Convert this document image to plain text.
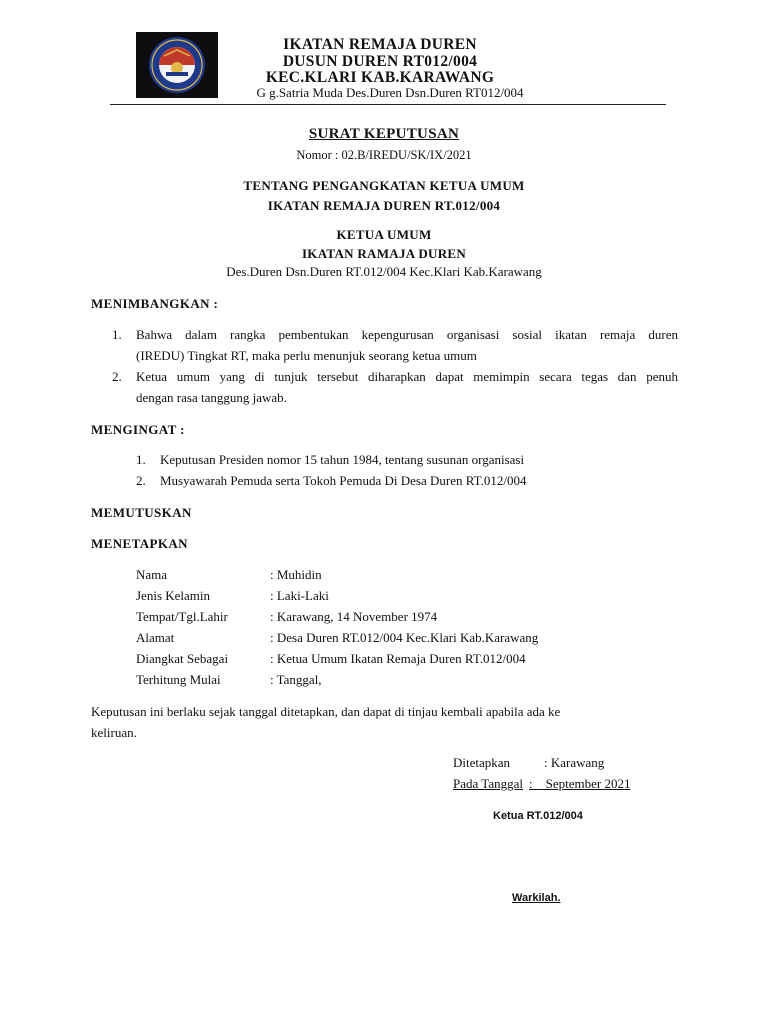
IKATAN REMAJA DUREN
DUSUN DUREN RT012/004
KEC.KLARI KAB.KARAWANG
G g.Satria Muda Des.Duren Dsn.Duren RT012/004
SURAT KEPUTUSAN
Nomor : 02.B/IREDU/SK/IX/2021
TENTANG PENGANGKATAN KETUA UMUM
IKATAN REMAJA DUREN RT.012/004
KETUA UMUM
IKATAN RAMAJA DUREN
Des.Duren Dsn.Duren RT.012/004 Kec.Klari Kab.Karawang
MENIMBANGKAN :
1. Bahwa dalam rangka pembentukan kepengurusan organisasi sosial ikatan remaja duren
(IREDU) Tingkat RT, maka perlu menunjuk seorang ketua umum
2. Ketua umum yang di tunjuk tersebut diharapkan dapat memimpin secara tegas dan penuh
dengan rasa tanggung jawab.
MENGINGAT :
1. Keputusan Presiden nomor 15 tahun 1984, tentang susunan organisasi
2. Musyawarah Pemuda serta Tokoh Pemuda Di Desa Duren RT.012/004
MEMUTUSKAN
MENETAPKAN
Nama	: Muhidin
Jenis Kelamin	: Laki-Laki
Tempat/Tgl.Lahir	: Karawang, 14 November 1974
Alamat	: Desa Duren RT.012/004 Kec.Klari Kab.Karawang
Diangkat Sebagai	: Ketua Umum Ikatan Remaja Duren RT.012/004
Terhitung Mulai	: Tanggal,
Keputusan ini berlaku sejak tanggal ditetapkan, dan dapat di tinjau kembali apabila ada ke
keliruan.
Ditetapkan	: Karawang
Pada Tanggal :    September 2021
Ketua RT.012/004
Warkilah.
